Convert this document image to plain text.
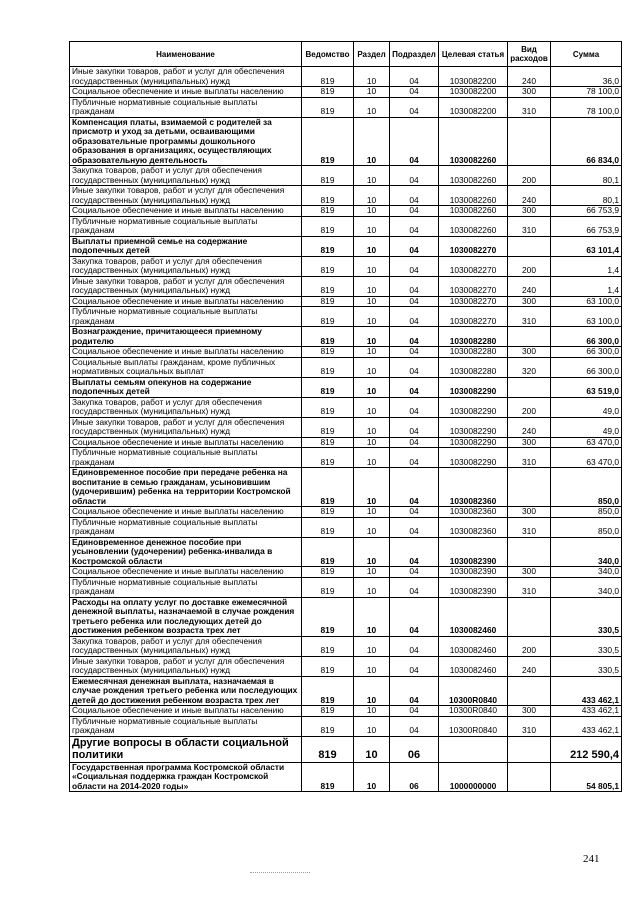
Наименование	Ведомство	Раздел	Подраздел	Целевая статья	Вид расходов	Сумма
Иные закупки товаров, работ и услуг для обеспечения государственных (муниципальных) нужд	819	10	04	1030082200	240	36,0
Социальное обеспечение и иные выплаты населению	819	10	04	1030082200	300	78 100,0
Публичные нормативные социальные выплаты гражданам	819	10	04	1030082200	310	78 100,0
Компенсация платы, взимаемой с родителей за присмотр и уход за детьми, осваивающими образовательные программы дошкольного образования в организациях, осуществляющих образовательную деятельность	819	10	04	1030082260		66 834,0
Закупка товаров, работ и услуг для обеспечения государственных (муниципальных) нужд	819	10	04	1030082260	200	80,1
Иные закупки товаров, работ и услуг для обеспечения государственных (муниципальных) нужд	819	10	04	1030082260	240	80,1
Социальное обеспечение и иные выплаты населению	819	10	04	1030082260	300	66 753,9
Публичные нормативные социальные выплаты гражданам	819	10	04	1030082260	310	66 753,9
Выплаты приемной семье на содержание подопечных детей	819	10	04	1030082270		63 101,4
Закупка товаров, работ и услуг для обеспечения государственных (муниципальных) нужд	819	10	04	1030082270	200	1,4
Иные закупки товаров, работ и услуг для обеспечения государственных (муниципальных) нужд	819	10	04	1030082270	240	1,4
Социальное обеспечение и иные выплаты населению	819	10	04	1030082270	300	63 100,0
Публичные нормативные социальные выплаты гражданам	819	10	04	1030082270	310	63 100,0
Вознаграждение, причитающееся приемному родителю	819	10	04	1030082280		66 300,0
Социальное обеспечение и иные выплаты населению	819	10	04	1030082280	300	66 300,0
Социальные выплаты гражданам, кроме публичных нормативных социальных выплат	819	10	04	1030082280	320	66 300,0
Выплаты семьям опекунов на содержание подопечных детей	819	10	04	1030082290		63 519,0
Закупка товаров, работ и услуг для обеспечения государственных (муниципальных) нужд	819	10	04	1030082290	200	49,0
Иные закупки товаров, работ и услуг для обеспечения государственных (муниципальных) нужд	819	10	04	1030082290	240	49,0
Социальное обеспечение и иные выплаты населению	819	10	04	1030082290	300	63 470,0
Публичные нормативные социальные выплаты гражданам	819	10	04	1030082290	310	63 470,0
Единовременное пособие при передаче ребенка на воспитание в семью гражданам, усыновившим (удочерившим) ребенка на территории Костромской области	819	10	04	1030082360		850,0
Социальное обеспечение и иные выплаты населению	819	10	04	1030082360	300	850,0
Публичные нормативные социальные выплаты гражданам	819	10	04	1030082360	310	850,0
Единовременное денежное пособие при усыновлении (удочерении) ребенка-инвалида в Костромской области	819	10	04	1030082390		340,0
Социальное обеспечение и иные выплаты населению	819	10	04	1030082390	300	340,0
Публичные нормативные социальные выплаты гражданам	819	10	04	1030082390	310	340,0
Расходы на оплату услуг по доставке ежемесячной денежной выплаты, назначаемой в случае рождения третьего ребенка или последующих детей до достижения ребенком возраста трех лет	819	10	04	1030082460		330,5
Закупка товаров, работ и услуг для обеспечения государственных (муниципальных) нужд	819	10	04	1030082460	200	330,5
Иные закупки товаров, работ и услуг для обеспечения государственных (муниципальных) нужд	819	10	04	1030082460	240	330,5
Ежемесячная денежная выплата, назначаемая в случае рождения третьего ребенка или последующих детей до достижения ребенком возраста трех лет	819	10	04	10300R0840		433 462,1
Социальное обеспечение и иные выплаты населению	819	10	04	10300R0840	300	433 462,1
Публичные нормативные социальные выплаты гражданам	819	10	04	10300R0840	310	433 462,1
Другие вопросы в области социальной политики	819	10	06			212 590,4
Государственная программа Костромской области «Социальная поддержка граждан Костромской области на 2014-2020 годы»	819	10	06	1000000000		54 805,1
241
